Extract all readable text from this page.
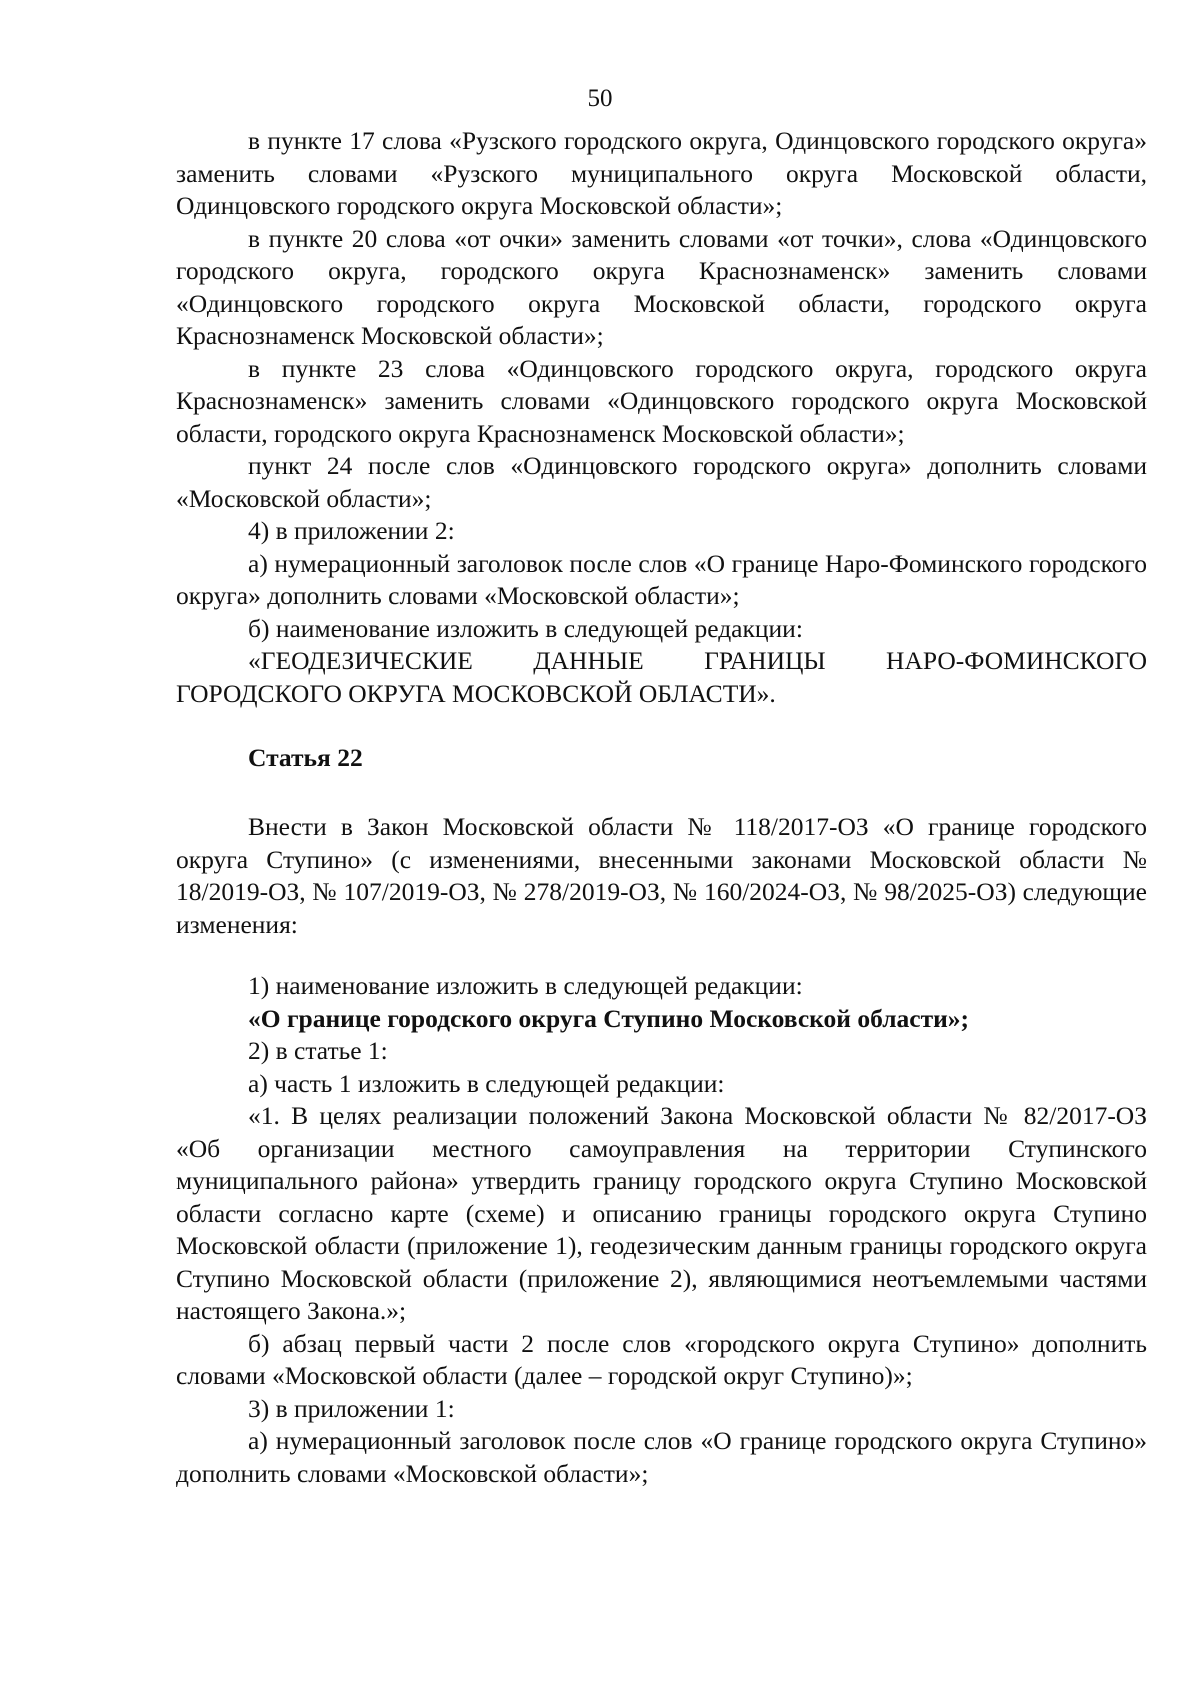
50

в пункте 17 слова «Рузского городского округа, Одинцовского городского округа» заменить словами «Рузского муниципального округа Московской области, Одинцовского городского округа Московской области»;

в пункте 20 слова «от очки» заменить словами «от точки», слова «Одинцовского городского округа, городского округа Краснознаменск» заменить словами «Одинцовского городского округа Московской области, городского округа Краснознаменск Московской области»;

в пункте 23 слова «Одинцовского городского округа, городского округа Краснознаменск» заменить словами «Одинцовского городского округа Московской области, городского округа Краснознаменск Московской области»;

пункт 24 после слов «Одинцовского городского округа» дополнить словами «Московской области»;

4) в приложении 2:

а) нумерационный заголовок после слов «О границе Наро-Фоминского городского округа» дополнить словами «Московской области»;

б) наименование изложить в следующей редакции:

«ГЕОДЕЗИЧЕСКИЕ ДАННЫЕ ГРАНИЦЫ НАРО-ФОМИНСКОГО ГОРОДСКОГО ОКРУГА МОСКОВСКОЙ ОБЛАСТИ».

Статья 22

Внести в Закон Московской области № 118/2017-ОЗ «О границе городского округа Ступино» (с изменениями, внесенными законами Московской области № 18/2019-ОЗ, № 107/2019-ОЗ, № 278/2019-ОЗ, № 160/2024-ОЗ, № 98/2025-ОЗ) следующие изменения:

1) наименование изложить в следующей редакции:

«О границе городского округа Ступино Московской области»;

2) в статье 1:

а) часть 1 изложить в следующей редакции:

«1. В целях реализации положений Закона Московской области № 82/2017-ОЗ «Об организации местного самоуправления на территории Ступинского муниципального района» утвердить границу городского округа Ступино Московской области согласно карте (схеме) и описанию границы городского округа Ступино Московской области (приложение 1), геодезическим данным границы городского округа Ступино Московской области (приложение 2), являющимися неотъемлемыми частями настоящего Закона.»;

б) абзац первый части 2 после слов «городского округа Ступино» дополнить словами «Московской области (далее – городской округ Ступино)»;

3) в приложении 1:

а) нумерационный заголовок после слов «О границе городского округа Ступино» дополнить словами «Московской области»;
